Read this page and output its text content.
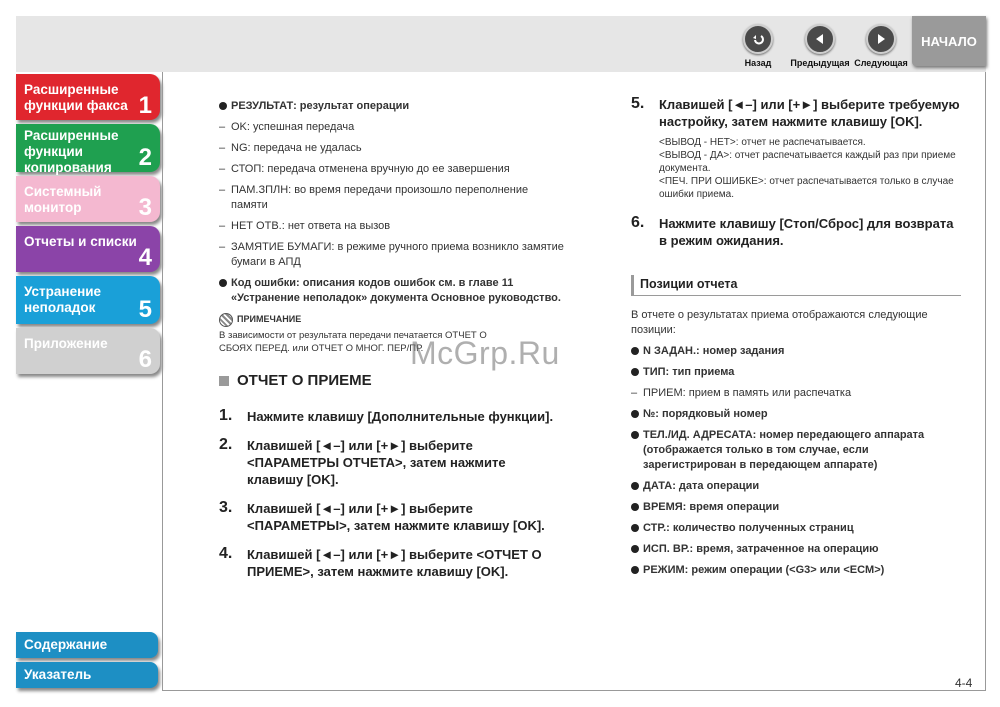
Назад	Предыдущая Следующая
НАЧАЛО
Расширенные функции факса 1
Расширенные функции копирования	2
Системный монитор	3
Отчеты и списки
4
Устранение неполадок	5
Приложение
6
Содержание
Указатель
РЕЗУЛЬТАТ: результат операции
– OK: успешная передача
– NG: передача не удалась
– СТОП: передача отменена вручную до ее завершения
– ПАМ.ЗПЛН: во время передачи произошло переполнение памяти
– НЕТ ОТВ.: нет ответа на вызов
– ЗАМЯТИЕ БУМАГИ: в режиме ручного приема возникло замятие бумаги в АПД
Код ошибки: описания кодов ошибок см. в главе 11 «Устранение неполадок» документа Основное руководство.
ПРИМЕЧАНИЕ
В зависимости от результата передачи печатается ОТЧЕТ О СБОЯХ ПЕРЕД. или ОТЧЕТ О МНОГ. ПЕР/ПР.
ОТЧЕТ О ПРИЕМЕ
1.	Нажмите клавишу [Дополнительные функции].
2.	Клавишей [◄–] или [+►] выберите <ПАРАМЕТРЫ ОТЧЕТА>, затем нажмите клавишу [OK].
3.	Клавишей [◄–] или [+►] выберите <ПАРАМЕТРЫ>, затем нажмите клавишу [OK].
4.	Клавишей [◄–] или [+►] выберите <ОТЧЕТ О ПРИЕМЕ>, затем нажмите клавишу [OK].
5.	Клавишей [◄–] или [+►] выберите требуемую настройку, затем нажмите клавишу [OK].
<ВЫВОД - НЕТ>: отчет не распечатывается.
<ВЫВОД - ДА>: отчет распечатывается каждый раз при приеме документа.
<ПЕЧ. ПРИ ОШИБКЕ>: отчет распечатывается только в случае ошибки приема.
6.	Нажмите клавишу [Стоп/Сброс] для возврата в режим ожидания.
Позиции отчета
В отчете о результатах приема отображаются следующие позиции:
N ЗАДАН.: номер задания
ТИП: тип приема
– ПРИЕМ: прием в память или распечатка
№: порядковый номер
ТЕЛ./ИД. АДРЕСАТА: номер передающего аппарата (отображается только в том случае, если зарегистрирован в передающем аппарате)
ДАТА: дата операции
ВРЕМЯ: время операции
СТР.: количество полученных страниц
ИСП. ВР.: время, затраченное на операцию
РЕЖИМ: режим операции (<G3> или <ECM>)
McGrp.Ru
4-4
